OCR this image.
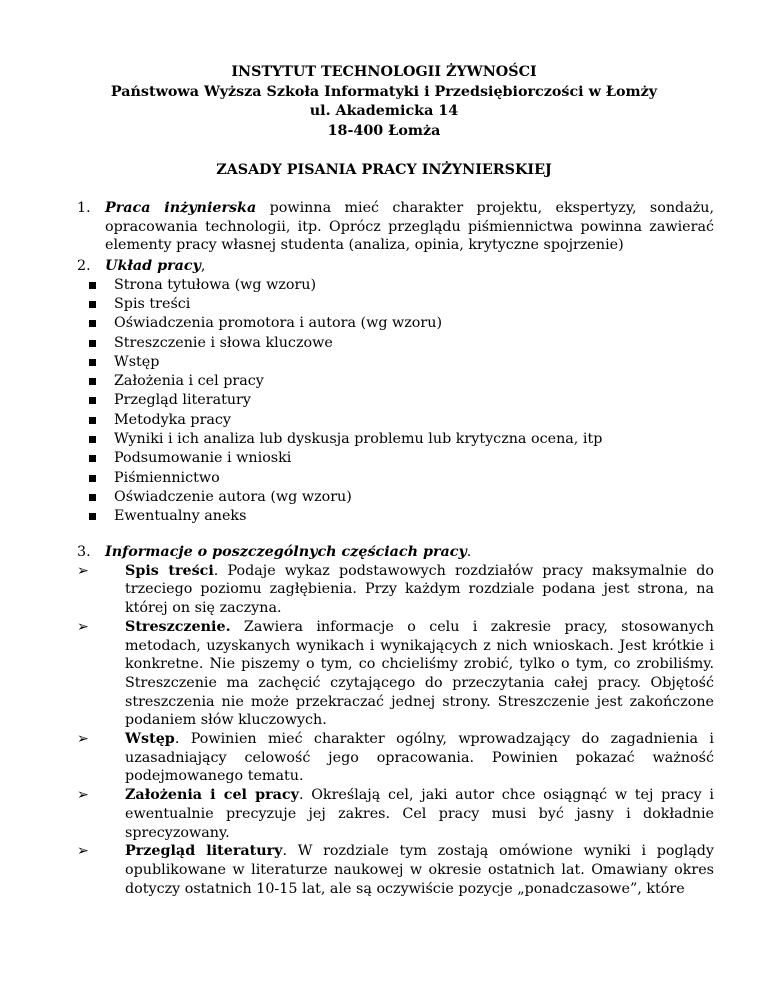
INSTYTUT TECHNOLOGII ŻYWNOŚCI
Państwowa Wyższa Szkoła Informatyki i Przedsiębiorczości w Łomży
ul. Akademicka 14
18-400 Łomża
ZASADY PISANIA PRACY INŻYNIERSKIEJ
1. Praca inżynierska powinna mieć charakter projektu, ekspertyzy, sondażu, opracowania technologii, itp. Oprócz przeglądu piśmiennictwa powinna zawierać elementy pracy własnej studenta (analiza, opinia, krytyczne spojrzenie)
2. Układ pracy,
Strona tytułowa (wg wzoru)
Spis treści
Oświadczenia promotora i autora (wg wzoru)
Streszczenie i słowa kluczowe
Wstęp
Założenia i cel pracy
Przegląd literatury
Metodyka pracy
Wyniki i ich analiza lub dyskusja problemu lub krytyczna ocena, itp
Podsumowanie i wnioski
Piśmiennictwo
Oświadczenie autora (wg wzoru)
Ewentualny aneks
3. Informacje o poszczególnych częściach pracy.
➢	Spis treści. Podaje wykaz podstawowych rozdziałów pracy maksymalnie do trzeciego poziomu zagłębienia. Przy każdym rozdziale podana jest strona, na której on się zaczyna.
➢	Streszczenie. Zawiera informacje o celu i zakresie pracy, stosowanych metodach, uzyskanych wynikach i wynikających z nich wnioskach. Jest krótkie i konkretne. Nie piszemy o tym, co chcieliśmy zrobić, tylko o tym, co zrobiliśmy. Streszczenie ma zachęcić czytającego do przeczytania całej pracy. Objętość streszczenia nie może przekraczać jednej strony. Streszczenie jest zakończone podaniem słów kluczowych.
➢	Wstęp. Powinien mieć charakter ogólny, wprowadzający do zagadnienia i uzasadniający celowość jego opracowania. Powinien pokazać ważność podejmowanego tematu.
➢	Założenia i cel pracy. Określają cel, jaki autor chce osiągnąć w tej pracy i ewentualnie precyzuje jej zakres. Cel pracy musi być jasny i dokładnie sprecyzowany.
➢	Przegląd literatury. W rozdziale tym zostają omówione wyniki i poglądy opublikowane w literaturze naukowej w okresie ostatnich lat. Omawiany okres dotyczy ostatnich 10-15 lat, ale są oczywiście pozycje „ponadczasowe”, które
